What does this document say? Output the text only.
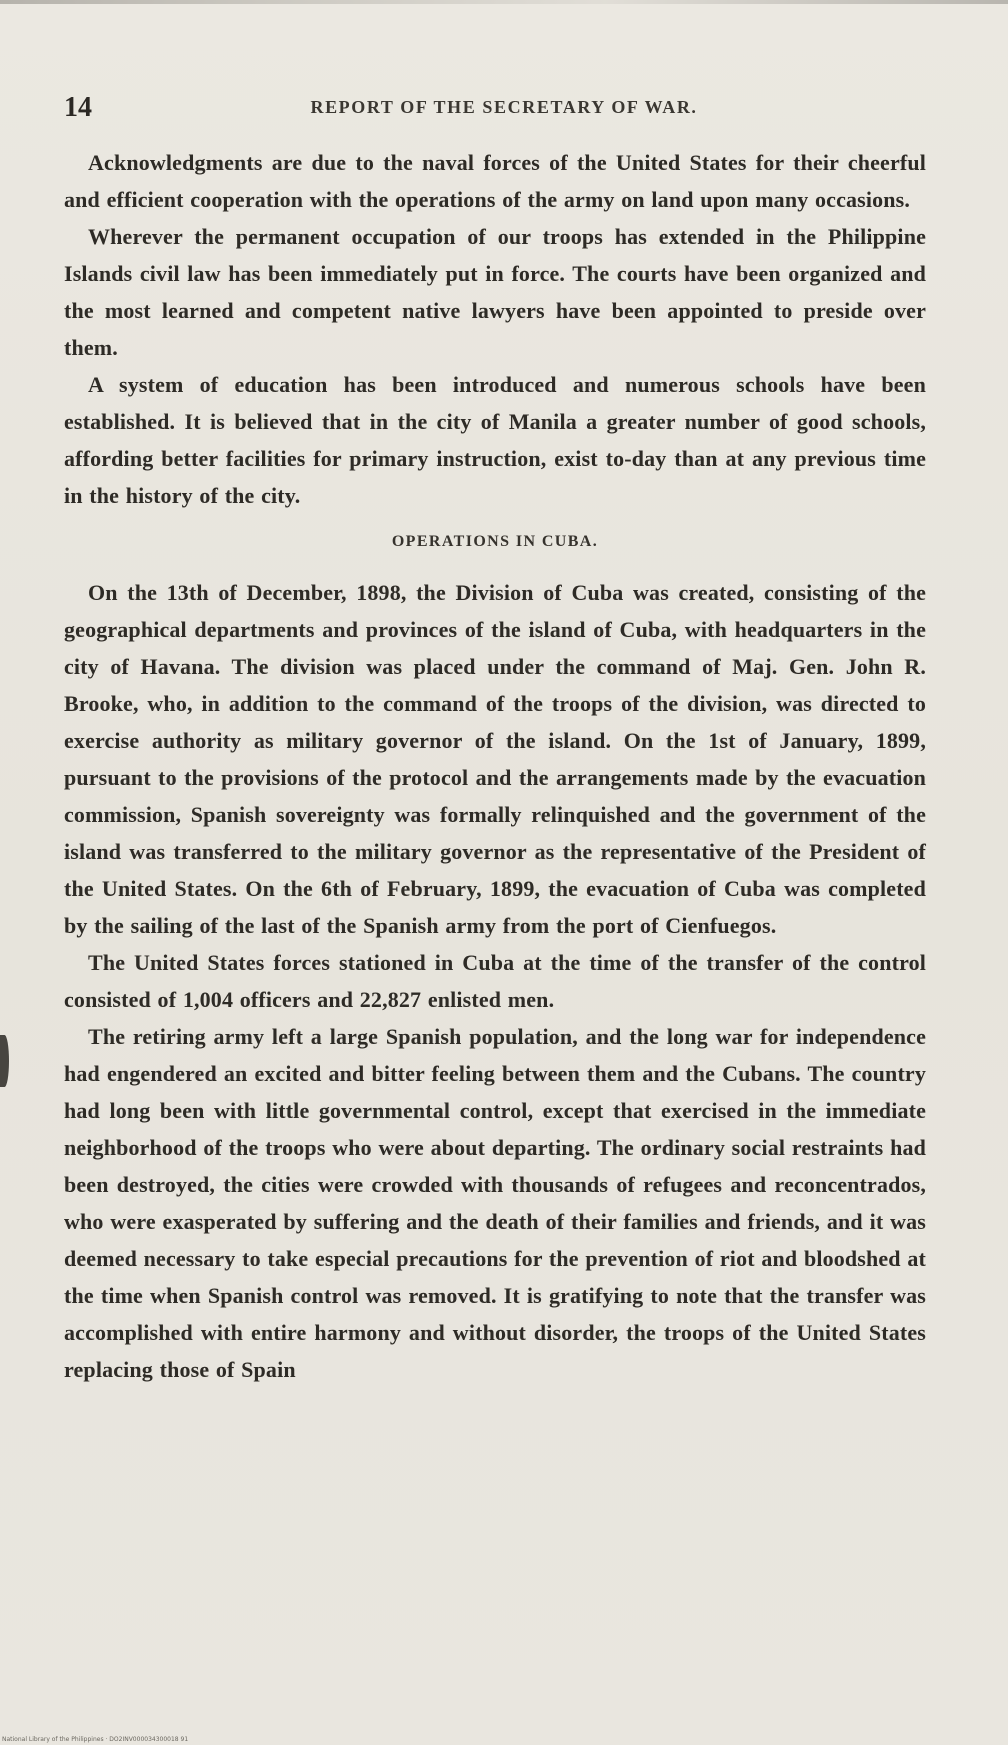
14	REPORT OF THE SECRETARY OF WAR.

Acknowledgments are due to the naval forces of the United States for their cheerful and efficient cooperation with the operations of the army on land upon many occasions.

Wherever the permanent occupation of our troops has extended in the Philippine Islands civil law has been immediately put in force. The courts have been organized and the most learned and competent native lawyers have been appointed to preside over them.

A system of education has been introduced and numerous schools have been established. It is believed that in the city of Manila a greater number of good schools, affording better facilities for primary instruction, exist to-day than at any previous time in the history of the city.

OPERATIONS IN CUBA.

On the 13th of December, 1898, the Division of Cuba was created, consisting of the geographical departments and provinces of the island of Cuba, with headquarters in the city of Havana. The division was placed under the command of Maj. Gen. John R. Brooke, who, in addition to the command of the troops of the division, was directed to exercise authority as military governor of the island. On the 1st of January, 1899, pursuant to the provisions of the protocol and the arrangements made by the evacuation commission, Spanish sovereignty was formally relinquished and the government of the island was transferred to the military governor as the representative of the President of the United States. On the 6th of February, 1899, the evacuation of Cuba was completed by the sailing of the last of the Spanish army from the port of Cienfuegos.

The United States forces stationed in Cuba at the time of the transfer of the control consisted of 1,004 officers and 22,827 enlisted men.

The retiring army left a large Spanish population, and the long war for independence had engendered an excited and bitter feeling between them and the Cubans. The country had long been with little governmental control, except that exercised in the immediate neighborhood of the troops who were about departing. The ordinary social restraints had been destroyed, the cities were crowded with thousands of refugees and reconcentrados, who were exasperated by suffering and the death of their families and friends, and it was deemed necessary to take especial precautions for the prevention of riot and bloodshed at the time when Spanish control was removed. It is gratifying to note that the transfer was accomplished with entire harmony and without disorder, the troops of the United States replacing those of Spain

National Library of the Philippines · DO2INV000034300018 91
